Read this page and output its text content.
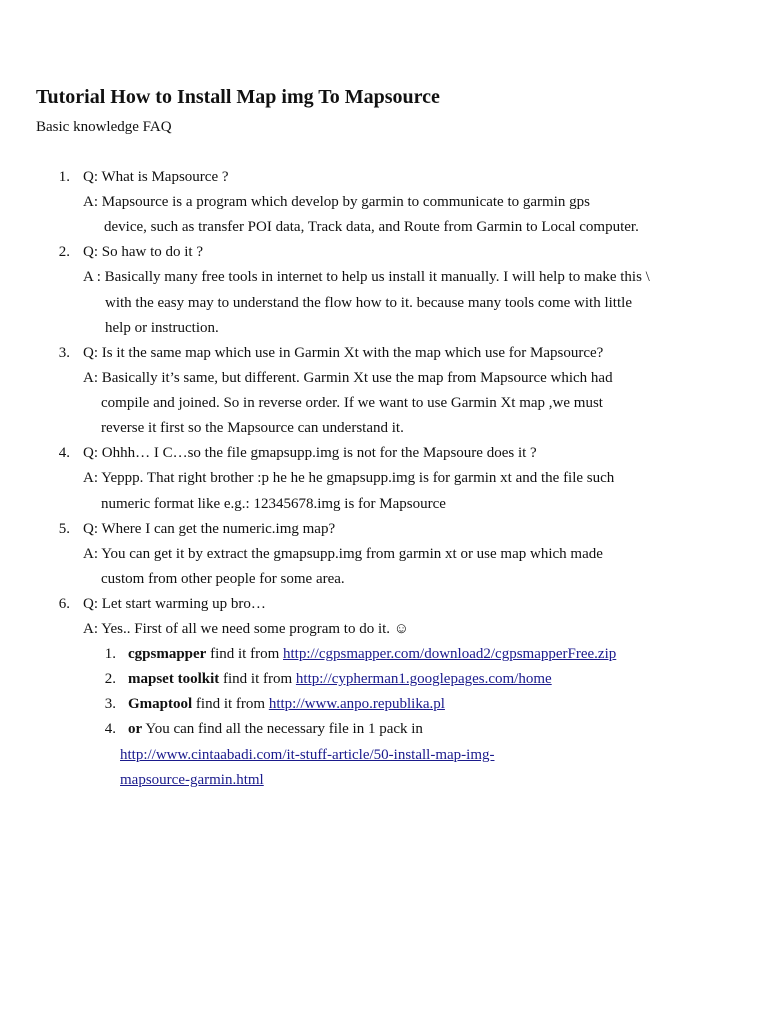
Tutorial How to Install Map img To Mapsource
Basic knowledge FAQ
1. Q: What is Mapsource ?
A: Mapsource is a program which develop by garmin to communicate to garmin gps
device, such as transfer POI data, Track data, and Route from Garmin to Local computer.
2. Q: So haw to do it ?
A : Basically many free tools in internet to help us install it manually. I will help to make this \
with the easy may to understand the flow how to it. because many tools come with little
help or instruction.
3. Q: Is it the same map which use in Garmin Xt with the map which use for Mapsource?
A: Basically it’s same, but different. Garmin Xt use the map from Mapsource which had
compile and joined. So in reverse order. If we want to use Garmin Xt map ,we must
reverse it first so the Mapsource can understand it.
4. Q: Ohhh… I C…so the file gmapsupp.img is not for the Mapsoure does it ?
A: Yeppp. That right brother :p he he he gmapsupp.img is for garmin xt and the file such
numeric format like e.g.: 12345678.img is for Mapsource
5. Q: Where I can get the numeric.img map?
A: You can get it by extract the gmapsupp.img from garmin xt or use map which made
custom from other people for some area.
6. Q: Let start warming up bro…
A: Yes.. First of all we need some program to do it. ☺
1. cgpsmapper find it from http://cgpsmapper.com/download2/cgpsmapperFree.zip
2. mapset toolkit find it from http://cypherman1.googlepages.com/home
3. Gmaptool find it from http://www.anpo.republika.pl
4. or You can find all the necessary file in 1 pack in
http://www.cintaabadi.com/it-stuff-article/50-install-map-img-
mapsource-garmin.html
